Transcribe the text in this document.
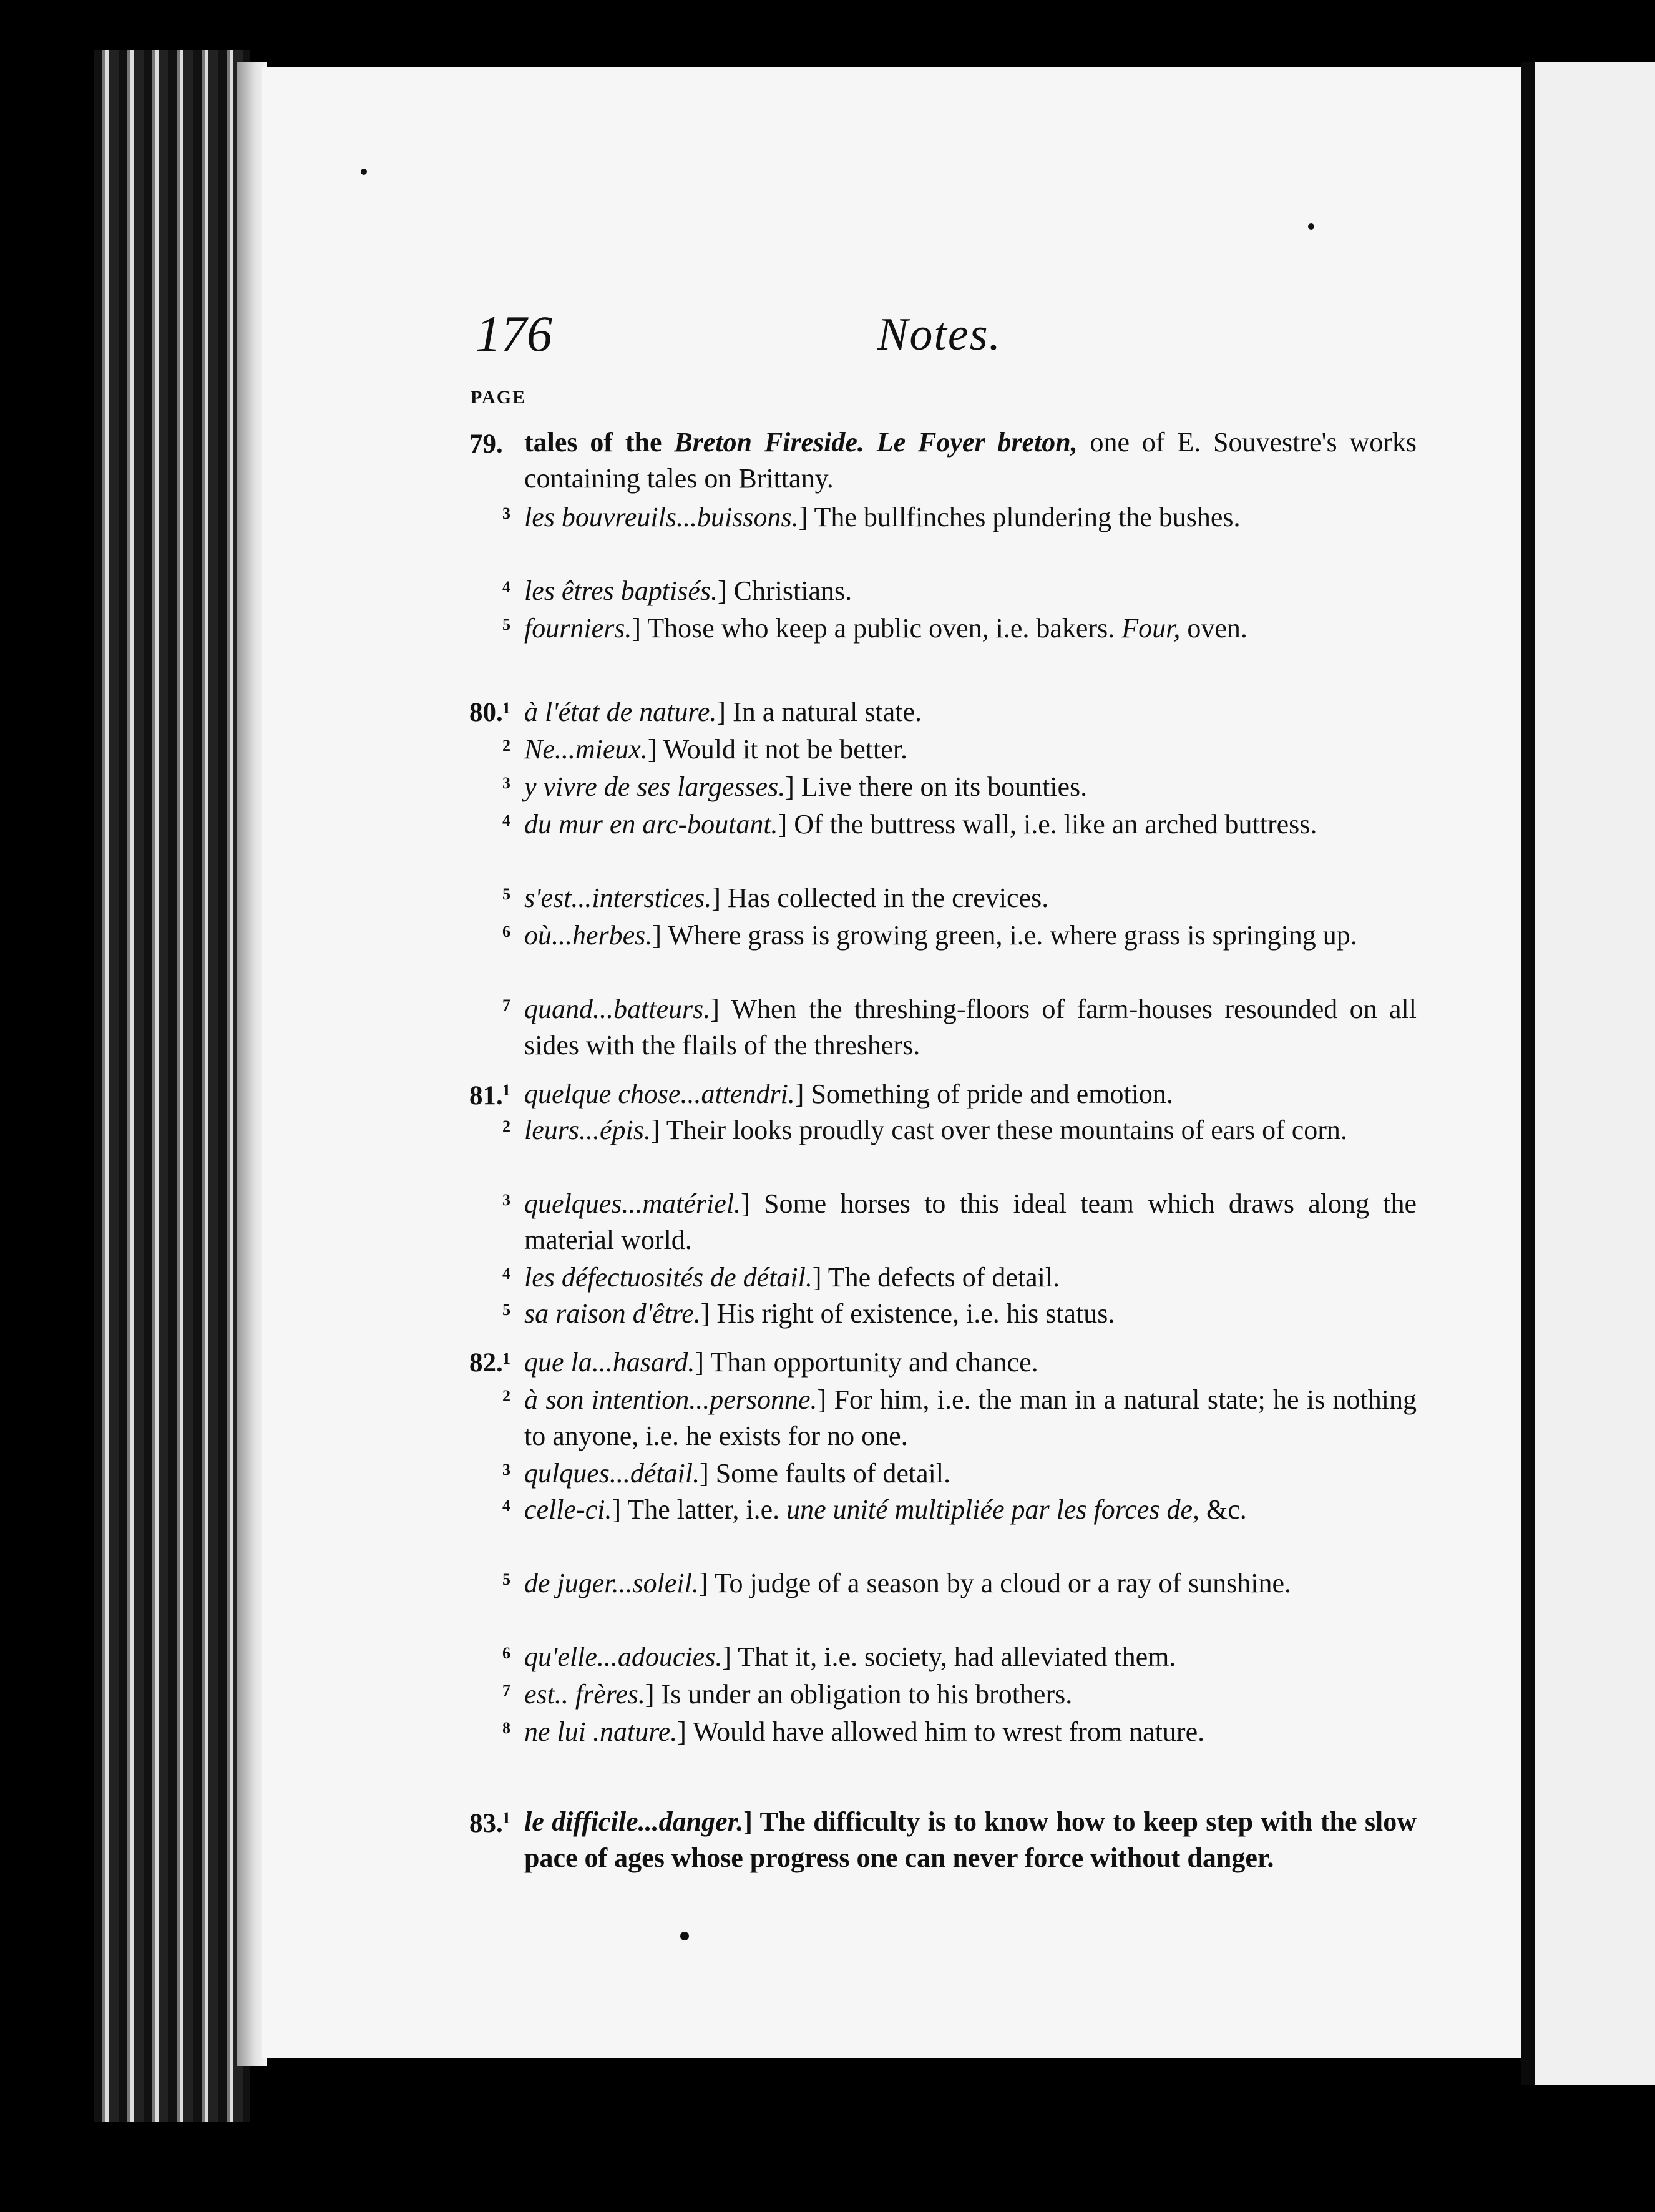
176	Notes.
PAGE
79. tales of the Breton Fireside. Le Foyer breton, one of E. Souvestre's works containing tales on Brittany.

3 les bouvreuils...buissons.] The bullfinches plundering the bushes.

4 les êtres baptisés.] Christians.

5 fourniers.] Those who keep a public oven, i.e. bakers. Four, oven.

80. 1 à l'état de nature.] In a natural state.

2 Ne...mieux.] Would it not be better.

3 y vivre de ses largesses.] Live there on its bounties.

4 du mur en arc-boutant.] Of the buttress wall, i.e. like an arched buttress.

5 s'est...interstices.] Has collected in the crevices.

6 où...herbes.] Where grass is growing green, i.e. where grass is springing up.

7 quand...batteurs.] When the threshing-floors of farm-houses resounded on all sides with the flails of the threshers.

81. 1 quelque chose...attendri.] Something of pride and emotion.

2 leurs...épis.] Their looks proudly cast over these mountains of ears of corn.

3 quelques...matériel.] Some horses to this ideal team which draws along the material world.

4 les défectuosités de détail.] The defects of detail.

5 sa raison d'être.] His right of existence, i.e. his status.

82. 1 que la...hasard.] Than opportunity and chance.

2 à son intention...personne.] For him, i.e. the man in a natural state; he is nothing to anyone, i.e. he exists for no one.

3 qulques...détail.] Some faults of detail.

4 celle-ci.] The latter, i.e. une unité multipliée par les forces de, &c.

5 de juger...soleil.] To judge of a season by a cloud or a ray of sunshine.

6 qu'elle...adoucies.] That it, i.e. society, had alleviated them.

7 est.. frères.] Is under an obligation to his brothers.

8 ne lui .nature.] Would have allowed him to wrest from nature.

83. 1 le difficile...danger.] The difficulty is to know how to keep step with the slow pace of ages whose progress one can never force without danger.
